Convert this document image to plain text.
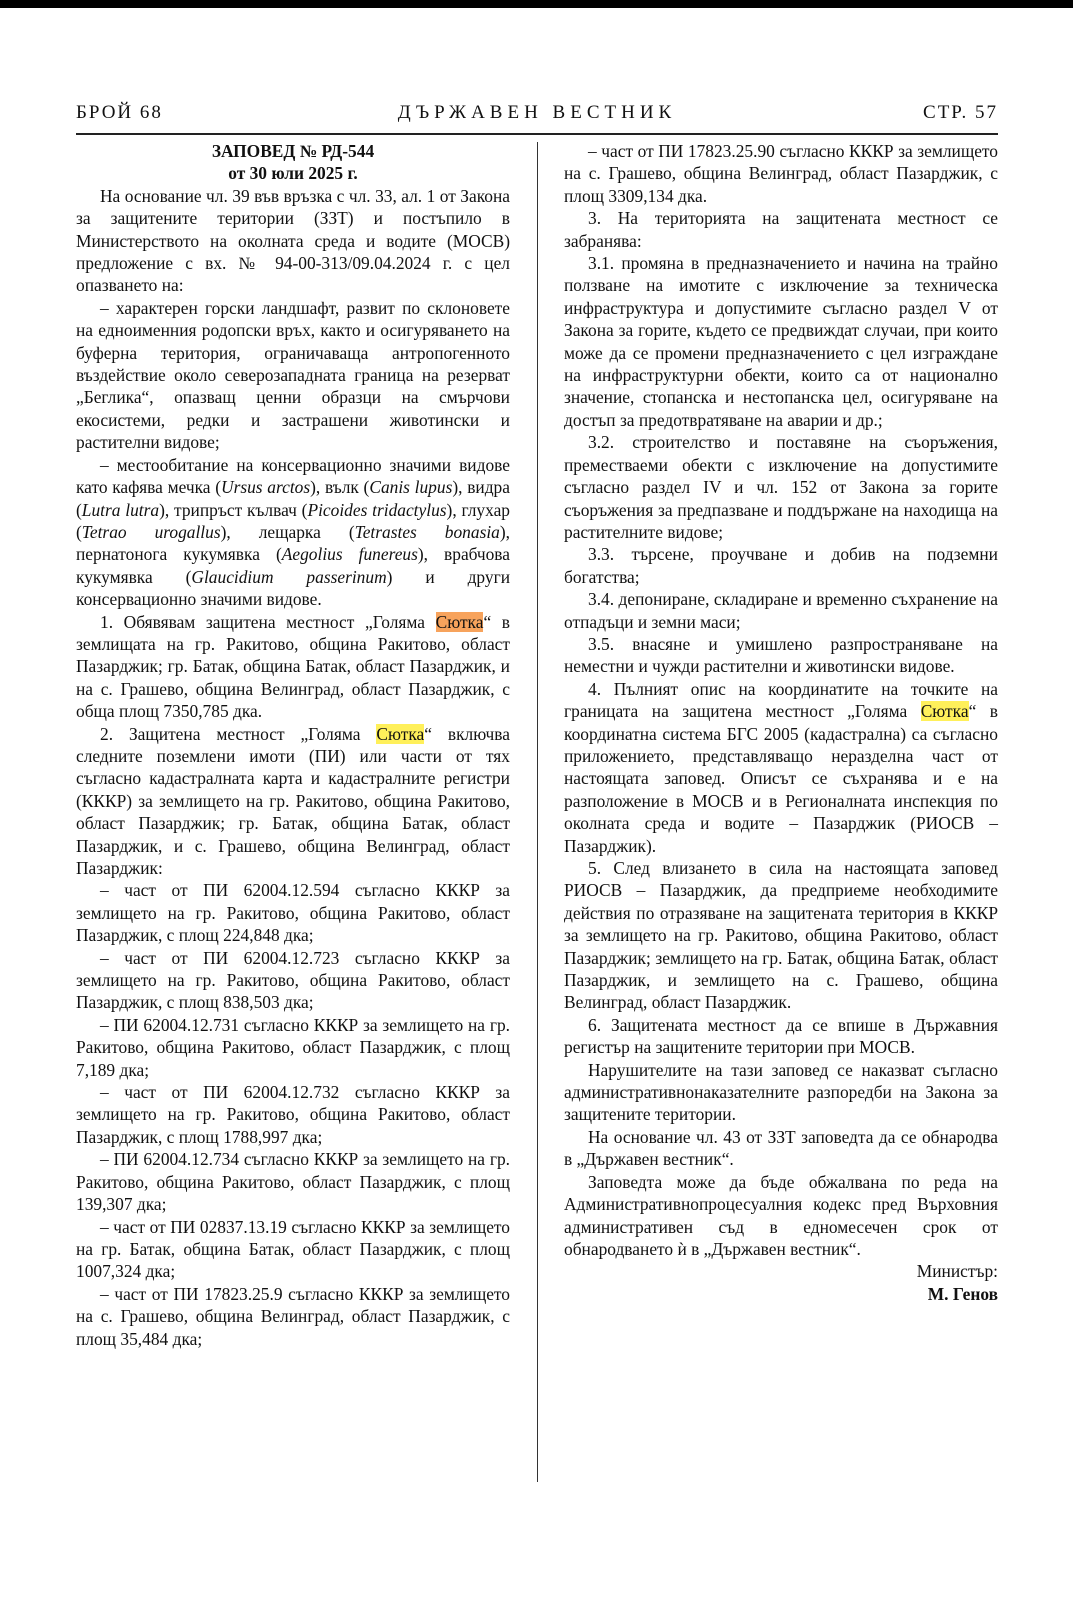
БРОЙ 68	ДЪРЖАВЕН ВЕСТНИК	СТР. 57

ЗАПОВЕД № РД-544

от 30 юли 2025 г.

На основание чл. 39 във връзка с чл. 33, ал. 1 от Закона за защитените територии (ЗЗТ) и постъпило в Министерството на околната среда и водите (МОСВ) предложение с вх. № 94-00-313/09.04.2024 г. с цел опазването на:

– характерен горски ландшафт, развит по склоновете на едноименния родопски връх, както и осигуряването на буферна територия, ограничаваща антропогенното въздействие около северозападната граница на резерват „Беглика“, опазващ ценни образци на смърчови екосистеми, редки и застрашени животински и растителни видове;

– местообитание на консервационно значими видове като кафява мечка (Ursus arctos), вълк (Canis lupus), видра (Lutra lutra), трипръст кълвач (Picoides tridactylus), глухар (Tetrao urogallus), лещарка (Tetrastes bonasia), пернатонога кукумявка (Aegolius funereus), врабчова кукумявка (Glaucidium passerinum) и други консервационно значими видове.

1. Обявявам защитена местност „Голяма Сютка“ в землищата на гр. Ракитово, община Ракитово, област Пазарджик; гр. Батак, община Батак, област Пазарджик, и на с. Грашево, община Велинград, област Пазарджик, с обща площ 7350,785 дка.

2. Защитена местност „Голяма Сютка“ включва следните поземлени имоти (ПИ) или части от тях съгласно кадастралната карта и кадастралните регистри (КККР) за землището на гр. Ракитово, община Ракитово, област Пазарджик; гр. Батак, община Батак, област Пазарджик, и с. Грашево, община Велинград, област Пазарджик:

– част от ПИ 62004.12.594 съгласно КККР за землището на гр. Ракитово, община Ракитово, област Пазарджик, с площ 224,848 дка;

– част от ПИ 62004.12.723 съгласно КККР за землището на гр. Ракитово, община Ракитово, област Пазарджик, с площ 838,503 дка;

– ПИ 62004.12.731 съгласно КККР за землището на гр. Ракитово, община Ракитово, област Пазарджик, с площ 7,189 дка;

– част от ПИ 62004.12.732 съгласно КККР за землището на гр. Ракитово, община Ракитово, област Пазарджик, с площ 1788,997 дка;

– ПИ 62004.12.734 съгласно КККР за землището на гр. Ракитово, община Ракитово, област Пазарджик, с площ 139,307 дка;

– част от ПИ 02837.13.19 съгласно КККР за землището на гр. Батак, община Батак, област Пазарджик, с площ 1007,324 дка;

– част от ПИ 17823.25.9 съгласно КККР за землището на с. Грашево, община Велинград, област Пазарджик, с площ 35,484 дка;

– част от ПИ 17823.25.90 съгласно КККР за землището на с. Грашево, община Велинград, област Пазарджик, с площ 3309,134 дка.

3. На територията на защитената местност се забранява:

3.1. промяна в предназначението и начина на трайно ползване на имотите с изключение за техническа инфраструктура и допустимите съгласно раздел V от Закона за горите, където се предвиждат случаи, при които може да се промени предназначението с цел изграждане на инфраструктурни обекти, които са от национално значение, стопанска и нестопанска цел, осигуряване на достъп за предотвратяване на аварии и др.;

3.2. строителство и поставяне на съоръжения, преместваеми обекти с изключение на допустимите съгласно раздел IV и чл. 152 от Закона за горите съоръжения за предпазване и поддържане на находища на растителните видове;

3.3. търсене, проучване и добив на подземни богатства;

3.4. депониране, складиране и временно съхранение на отпадъци и земни маси;

3.5. внасяне и умишлено разпространяване на неместни и чужди растителни и животински видове.

4. Пълният опис на координатите на точките на границата на защитена местност „Голяма Сютка“ в координатна система БГС 2005 (кадастрална) са съгласно приложението, представляващо неразделна част от настоящата заповед. Описът се съхранява и е на разположение в МОСВ и в Регионалната инспекция по околната среда и водите – Пазарджик (РИОСВ – Пазарджик).

5. След влизането в сила на настоящата заповед РИОСВ – Пазарджик, да предприеме необходимите действия по отразяване на защитената територия в КККР за землището на гр. Ракитово, община Ракитово, област Пазарджик; землището на гр. Батак, община Батак, област Пазарджик, и землището на с. Грашево, община Велинград, област Пазарджик.

6. Защитената местност да се впише в Държавния регистър на защитените територии при МОСВ.

Нарушителите на тази заповед се наказват съгласно административнонаказателните разпоредби на Закона за защитените територии.

На основание чл. 43 от ЗЗТ заповедта да се обнародва в „Държавен вестник“.

Заповедта може да бъде обжалвана по реда на Административнопроцесуалния кодекс пред Върховния административен съд в едномесечен срок от обнародването ѝ в „Държавен вестник“.

Министър:

М. Генов
